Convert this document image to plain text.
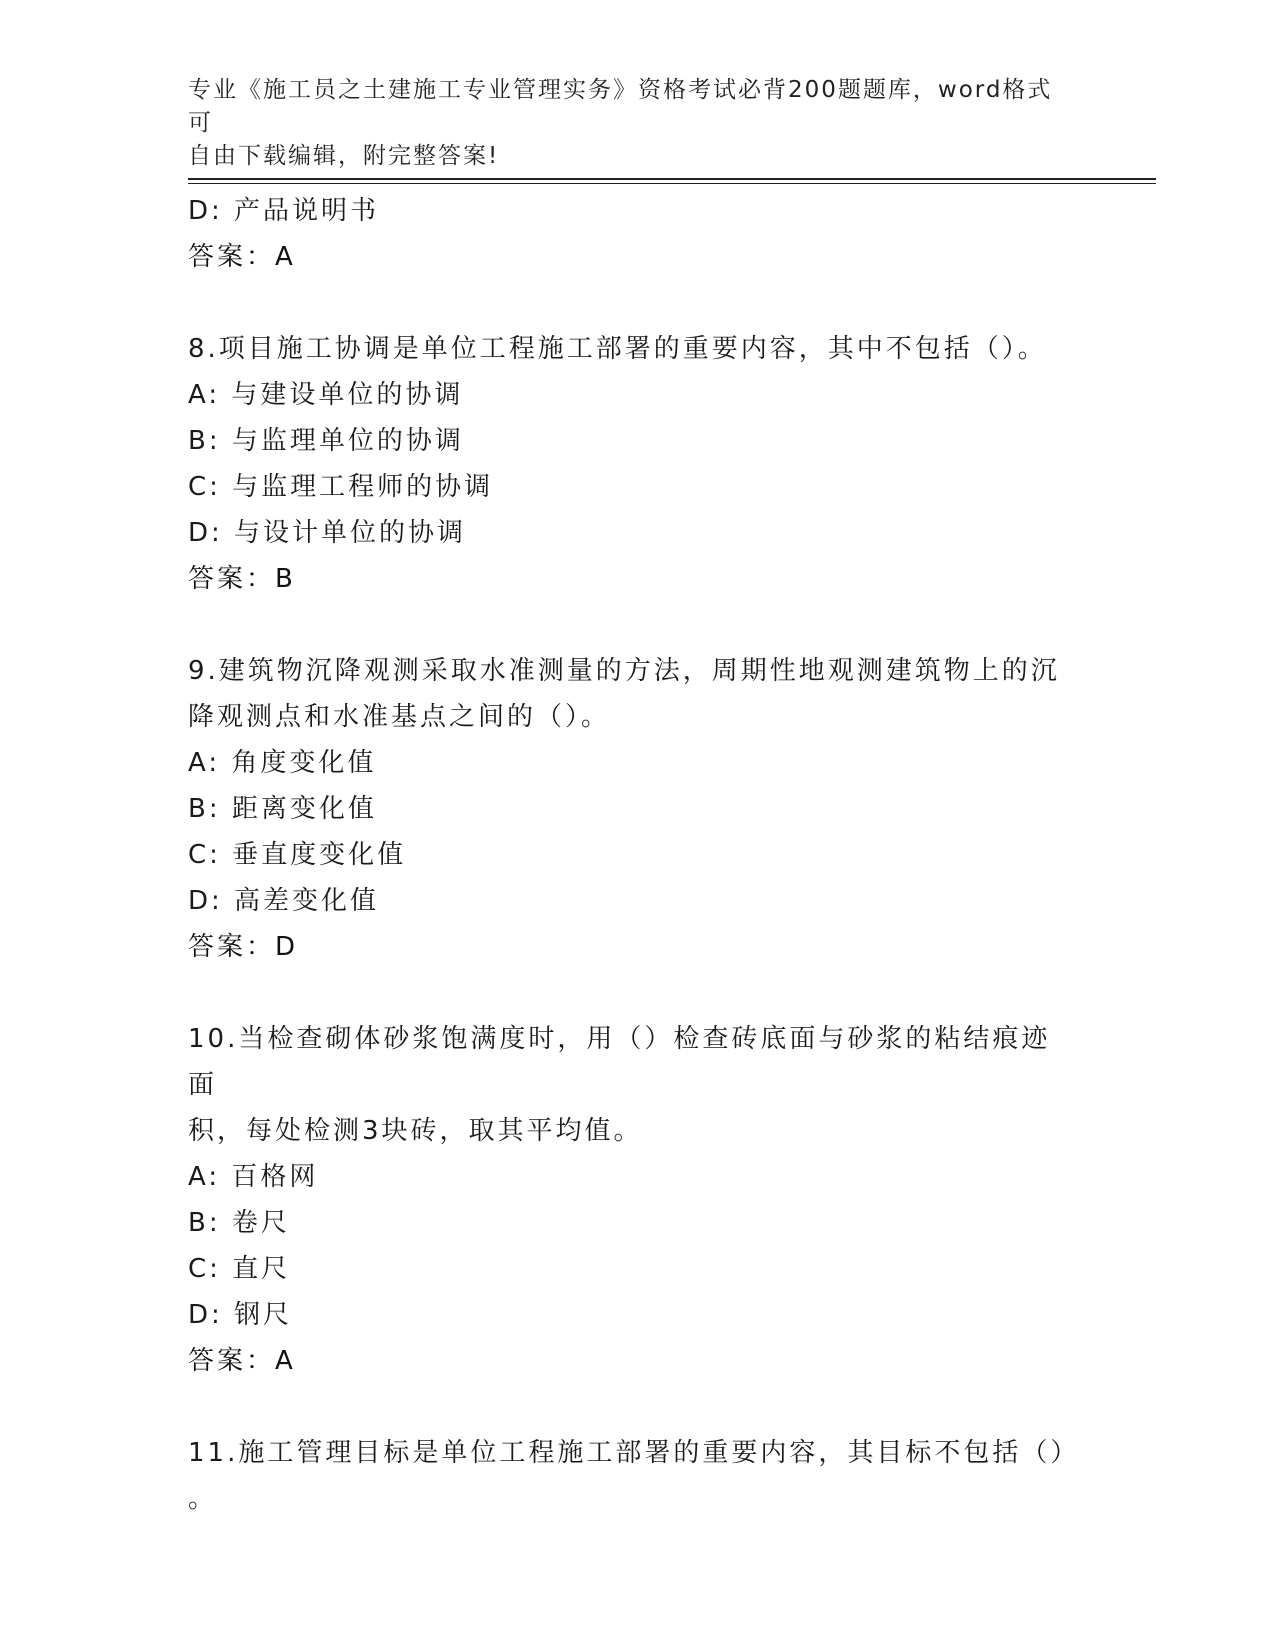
专业《施工员之土建施工专业管理实务》资格考试必背200题题库，word格式可
自由下载编辑，附完整答案!
D: 产品说明书
答案：A
8.项目施工协调是单位工程施工部署的重要内容，其中不包括（）。
A: 与建设单位的协调
B: 与监理单位的协调
C: 与监理工程师的协调
D: 与设计单位的协调
答案：B
9.建筑物沉降观测采取水准测量的方法，周期性地观测建筑物上的沉
降观测点和水准基点之间的（）。
A: 角度变化值
B: 距离变化值
C: 垂直度变化值
D: 高差变化值
答案：D
10.当检查砌体砂浆饱满度时，用（）检查砖底面与砂浆的粘结痕迹面
积，每处检测3块砖，取其平均值。
A: 百格网
B: 卷尺
C: 直尺
D: 钢尺
答案：A
11.施工管理目标是单位工程施工部署的重要内容，其目标不包括（）
。
